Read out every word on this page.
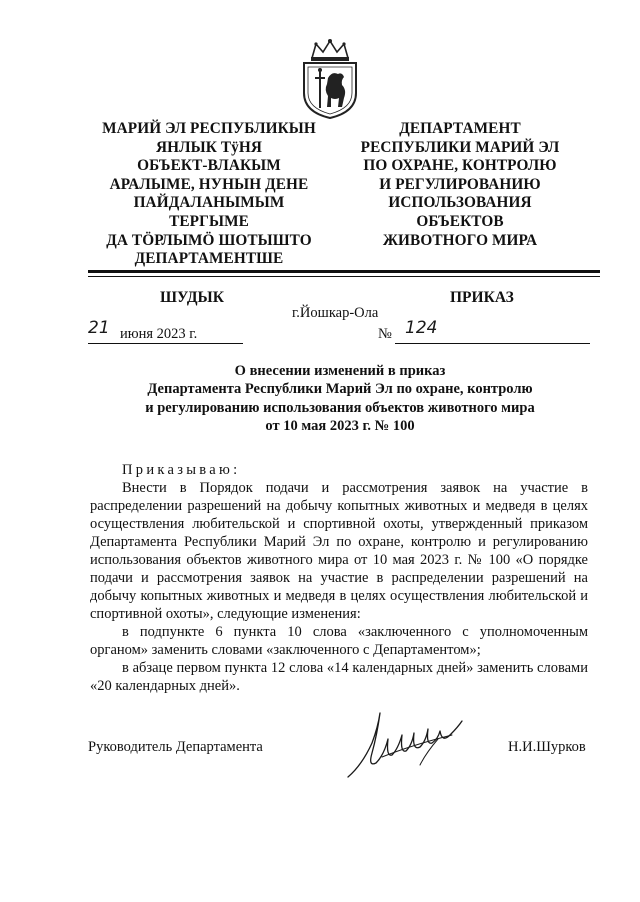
МАРИЙ ЭЛ РЕСПУБЛИКЫН
ЯНЛЫК ТÿНЯ
ОБЪЕКТ-ВЛАКЫМ
АРАЛЫМЕ, НУНЫН ДЕНЕ
ПАЙДАЛАНЫМЫМ
ТЕРГЫМЕ
ДА ТÖРЛЫМÖ ШОТЫШТО
ДЕПАРТАМЕНТШЕ
ДЕПАРТАМЕНТ
РЕСПУБЛИКИ МАРИЙ ЭЛ
ПО ОХРАНЕ, КОНТРОЛЮ
И РЕГУЛИРОВАНИЮ
ИСПОЛЬЗОВАНИЯ
ОБЪЕКТОВ
ЖИВОТНОГО МИРА
ШУДЫК	ПРИКАЗ
г.Йошкар-Ола
21 июня 2023 г.	№ 124
О внесении изменений в приказ
Департамента Республики Марий Эл по охране, контролю
и регулированию использования объектов животного мира
от 10 мая 2023 г. № 100

Приказываю:

Внести в Порядок подачи и рассмотрения заявок на участие в распределении разрешений на добычу копытных животных и медведя в целях осуществления любительской и спортивной охоты, утвержденный приказом Департамента Республики Марий Эл по охране, контролю и регулированию использования объектов животного мира от 10 мая 2023 г. № 100 «О порядке подачи и рассмотрения заявок на участие в распределении разрешений на добычу копытных животных и медведя в целях осуществления любительской и спортивной охоты», следующие изменения:

в подпункте 6 пункта 10 слова «заключенного с уполномоченным органом» заменить словами «заключенного с Департаментом»;

в абзаце первом пункта 12 слова «14 календарных дней» заменить словами «20 календарных дней».

Руководитель Департамента	Н.И.Шурков
